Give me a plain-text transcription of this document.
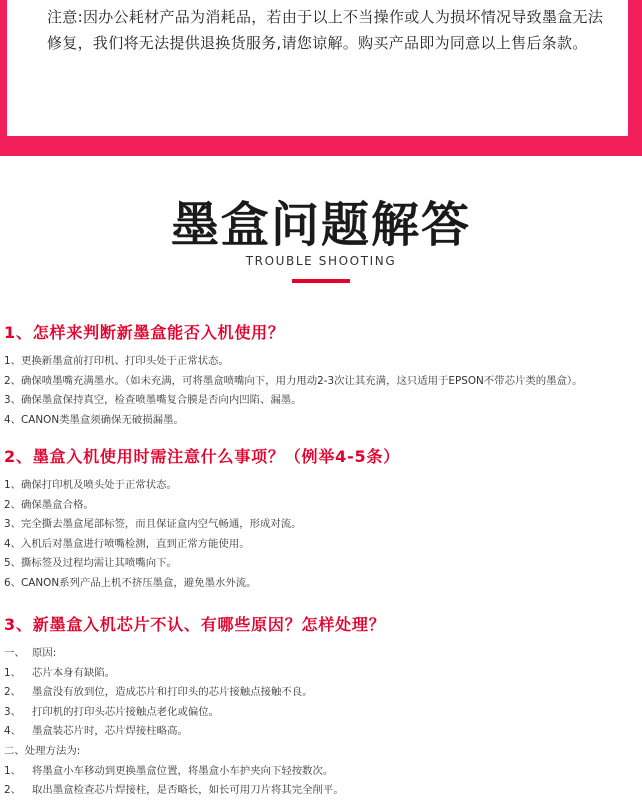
注意:因办公耗材产品为消耗品，若由于以上不当操作或人为损坏情况导致墨盒无法修复，我们将无法提供退换货服务,请您谅解。购买产品即为同意以上售后条款。
墨盒问题解答
TROUBLE SHOOTING
1、怎样来判断新墨盒能否入机使用？
1、更换新墨盒前打印机、打印头处于正常状态。
2、确保喷墨嘴充满墨水。（如未充满，可将墨盒喷嘴向下，用力甩动2-3次让其充满，这只适用于EPSON不带芯片类的墨盒）。
3、确保墨盒保持真空，检查喷墨嘴复合膜是否向内凹陷、漏墨。
4、CANON类墨盒须确保无破损漏墨。
2、墨盒入机使用时需注意什么事项？（例举4-5条）
1、确保打印机及喷头处于正常状态。
2、确保墨盒合格。
3、完全撕去墨盒尾部标签，而且保证盒内空气畅通，形成对流。
4、入机后对墨盒进行喷嘴检测，直到正常方能使用。
5、撕标签及过程均需让其喷嘴向下。
6、CANON系列产品上机不挤压墨盒，避免墨水外流。
3、新墨盒入机芯片不认、有哪些原因？怎样处理？
一、 原因:
1、 芯片本身有缺陷。
2、 墨盒没有放到位，造成芯片和打印头的芯片接触点接触不良。
3、 打印机的打印头芯片接触点老化或偏位。
4、 墨盒装芯片时，芯片焊接柱略高。
二、处理方法为:
1、 将墨盒小车移动到更换墨盒位置，将墨盒小车护夹向下轻按数次。
2、 取出墨盒检查芯片焊接柱，是否略长，如长可用刀片将其完全削平。
